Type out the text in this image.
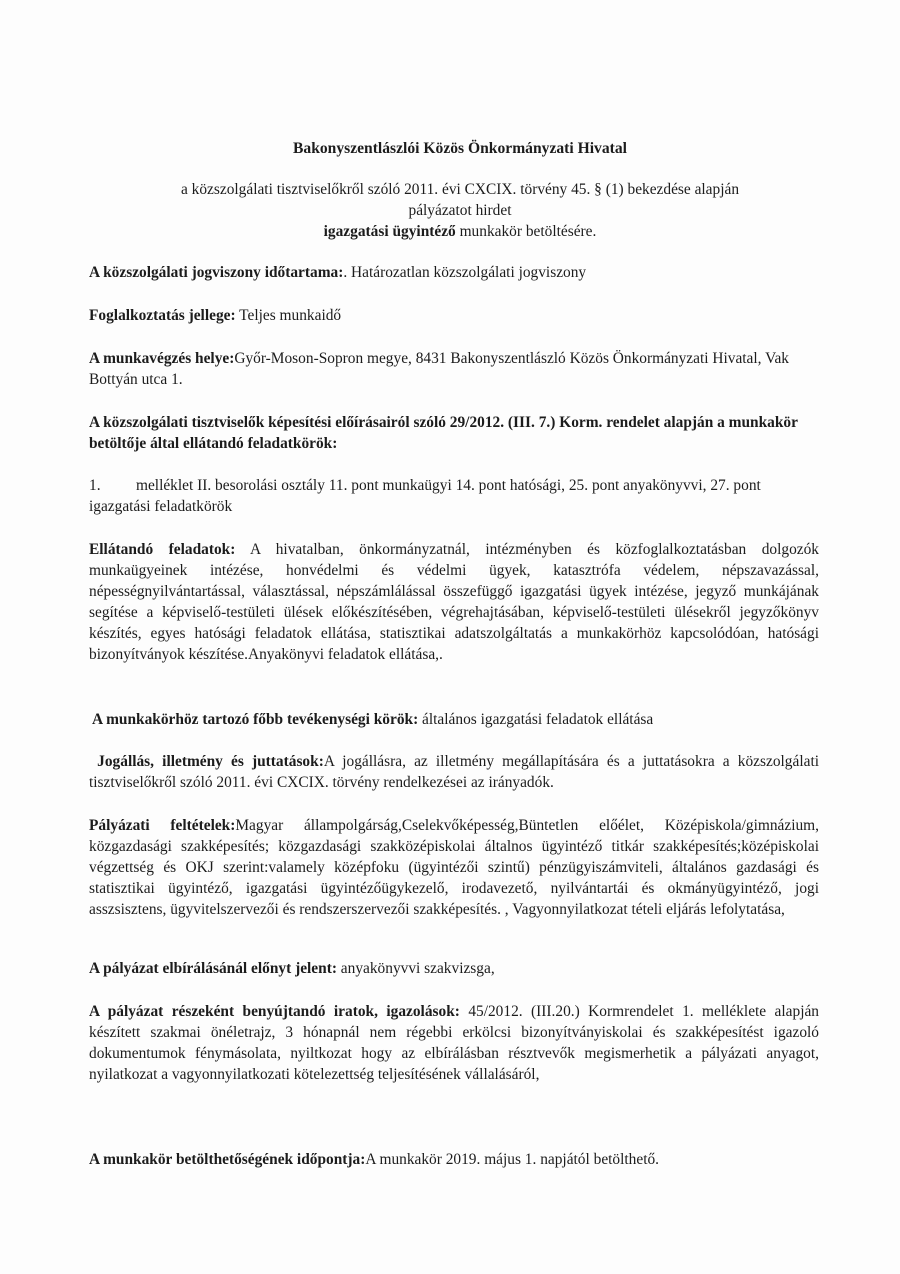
Bakonyszentlászlói Közös Önkormányzati Hivatal
a közszolgálati tisztviselőkről szóló 2011. évi CXCIX. törvény 45. § (1) bekezdése alapján
pályázatot hirdet
igazgatási ügyintéző munkakör betöltésére.
A közszolgálati jogviszony időtartama:. Határozatlan közszolgálati jogviszony
Foglalkoztatás jellege: Teljes munkaidő
A munkavégzés helye:Győr-Moson-Sopron megye, 8431 Bakonyszentlászló Közös Önkormányzati Hivatal, Vak Bottyán utca 1.
A közszolgálati tisztviselők képesítési előírásairól szóló 29/2012. (III. 7.) Korm. rendelet alapján a munkakör betöltője által ellátandó feladatkörök:
1. melléklet II. besorolási osztály 11. pont munkaügyi 14. pont hatósági, 25. pont anyakönyvvi, 27. pont igazgatási feladatkörök
Ellátandó feladatok: A hivatalban, önkormányzatnál, intézményben és közfoglalkoztatásban dolgozók munkaügyeinek intézése, honvédelmi és védelmi ügyek, katasztrófa védelem, népszavazással, népességnyilvántartással, választással, népszámlálással összefüggő igazgatási ügyek intézése, jegyző munkájának segítése a képviselő-testületi ülések előkészítésében, végrehajtásában, képviselő-testületi ülésekről jegyzőkönyv készítés, egyes hatósági feladatok ellátása, statisztikai adatszolgáltatás a munkakörhöz kapcsolódóan, hatósági bizonyítványok készítése.Anyakönyvi feladatok ellátása,.
A munkakörhöz tartozó főbb tevékenységi körök: általános igazgatási feladatok ellátása
Jogállás, illetmény és juttatások:A jogállásra, az illetmény megállapítására és a juttatásokra a közszolgálati tisztviselőkről szóló 2011. évi CXCIX. törvény rendelkezései az irányadók.
Pályázati feltételek:Magyar állampolgárság,Cselekvőképesség,Büntetlen előélet, Középiskola/gimnázium, közgazdasági szakképesítés; közgazdasági szakközépiskolai általnos ügyintéző titkár szakképesítés;középiskolai végzettség és OKJ szerint:valamely középfoku (ügyintézői szintű) pénzügyiszámviteli, általános gazdasági és statisztikai ügyintéző, igazgatási ügyintézőügykezelő, irodavezető, nyilvántartái és okmányügyintéző, jogi asszsisztens, ügyvitelszervezői és rendszerszervezői szakképesítés. , Vagyonnyilatkozat tételi eljárás lefolytatása,
A pályázat elbírálásánál előnyt jelent: anyakönyvvi szakvizsga,
A pályázat részeként benyújtandó iratok, igazolások: 45/2012. (III.20.) Kormrendelet 1. melléklete alapján készített szakmai önéletrajz, 3 hónapnál nem régebbi erkölcsi bizonyítványiskolai és szakképesítést igazoló dokumentumok fénymásolata, nyiltkozat hogy az elbírálásban résztvevők megismerhetik a pályázati anyagot, nyilatkozat a vagyonnyilatkozati kötelezettség teljesítésének vállalásáról,
A munkakör betölthetőségének időpontja:A munkakör 2019. május 1. napjától betölthető.
